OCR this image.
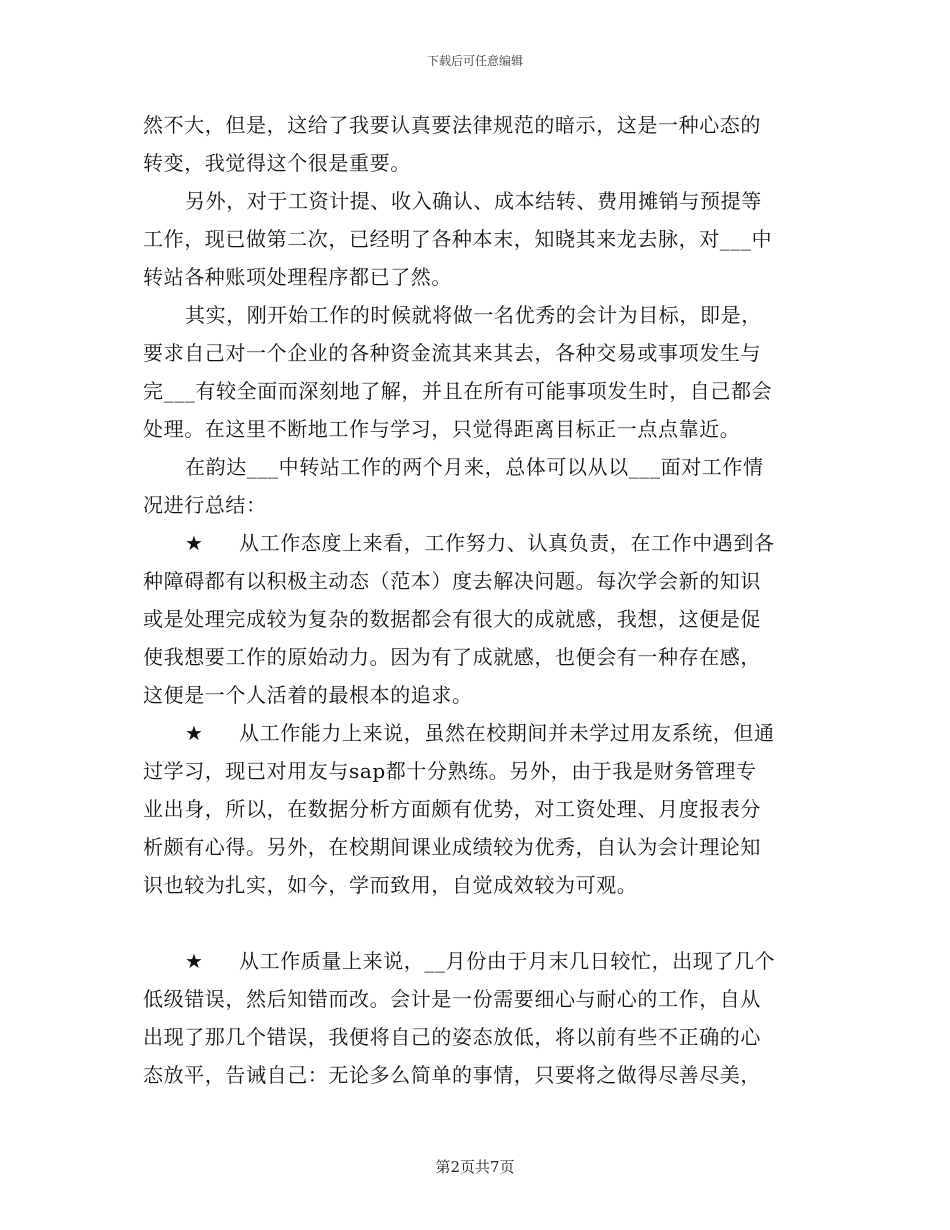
下载后可任意编辑
然不大，但是，这给了我要认真要法律规范的暗示，这是一种心态的
转变，我觉得这个很是重要。
另外，对于工资计提、收入确认、成本结转、费用摊销与预提等
工作，现已做第二次，已经明了各种本末，知晓其来龙去脉，对___中
转站各种账项处理程序都已了然。
其实，刚开始工作的时候就将做一名优秀的会计为目标，即是，
要求自己对一个企业的各种资金流其来其去，各种交易或事项发生与
完___有较全面而深刻地了解，并且在所有可能事项发生时，自己都会
处理。在这里不断地工作与学习，只觉得距离目标正一点点靠近。
在韵达___中转站工作的两个月来，总体可以从以___面对工作情
况进行总结：
★ 从工作态度上来看，工作努力、认真负责，在工作中遇到各
种障碍都有以积极主动态（范本）度去解决问题。每次学会新的知识
或是处理完成较为复杂的数据都会有很大的成就感，我想，这便是促
使我想要工作的原始动力。因为有了成就感，也便会有一种存在感，
这便是一个人活着的最根本的追求。
★ 从工作能力上来说，虽然在校期间并未学过用友系统，但通
过学习，现已对用友与sap都十分熟练。另外，由于我是财务管理专
业出身，所以，在数据分析方面颇有优势，对工资处理、月度报表分
析颇有心得。另外，在校期间课业成绩较为优秀，自认为会计理论知
识也较为扎实，如今，学而致用，自觉成效较为可观。
★ 从工作质量上来说，__月份由于月末几日较忙，出现了几个
低级错误，然后知错而改。会计是一份需要细心与耐心的工作，自从
出现了那几个错误，我便将自己的姿态放低，将以前有些不正确的心
态放平，告诫自己：无论多么简单的事情，只要将之做得尽善尽美，
第2页共7页
